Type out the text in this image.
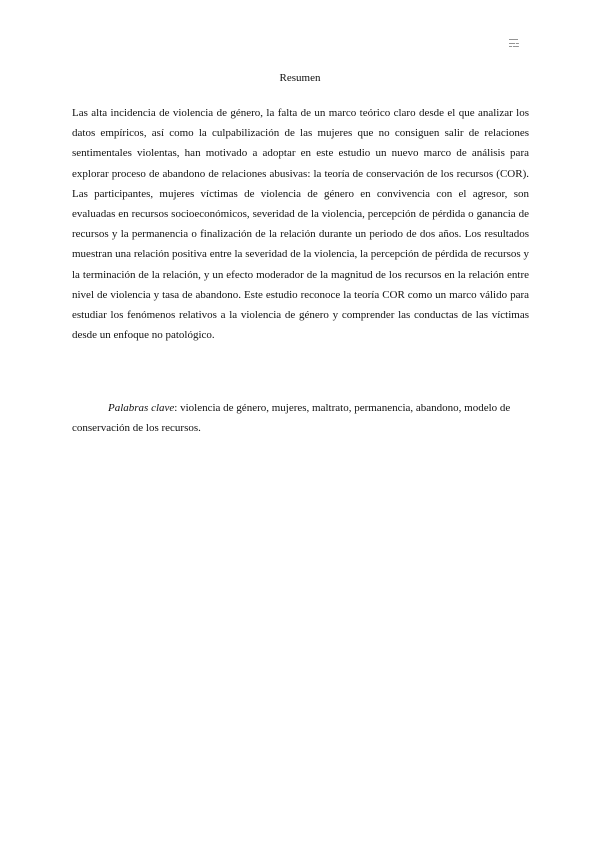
▬▬▬
▬▬ ▬
▬ ▬▬
Resumen

Las alta incidencia de violencia de género, la falta de un marco teórico claro desde el que analizar los datos empíricos, así como la culpabilización de las mujeres que no consiguen salir de relaciones sentimentales violentas, han motivado a adoptar en este estudio un nuevo marco de análisis para explorar proceso de abandono de relaciones abusivas: la teoría de conservación de los recursos (COR). Las participantes, mujeres víctimas de violencia de género en convivencia con el agresor, son evaluadas en recursos socioeconómicos, severidad de la violencia, percepción de pérdida o ganancia de recursos y la permanencia o finalización de la relación durante un periodo de dos años. Los resultados muestran una relación positiva entre la severidad de la violencia, la percepción de pérdida de recursos y la terminación de la relación, y un efecto moderador de la magnitud de los recursos en la relación entre nivel de violencia y tasa de abandono. Este estudio reconoce la teoría COR como un marco válido para estudiar los fenómenos relativos a la violencia de género y comprender las conductas de las víctimas desde un enfoque no patológico.

Palabras clave: violencia de género, mujeres, maltrato, permanencia, abandono, modelo de conservación de los recursos.
